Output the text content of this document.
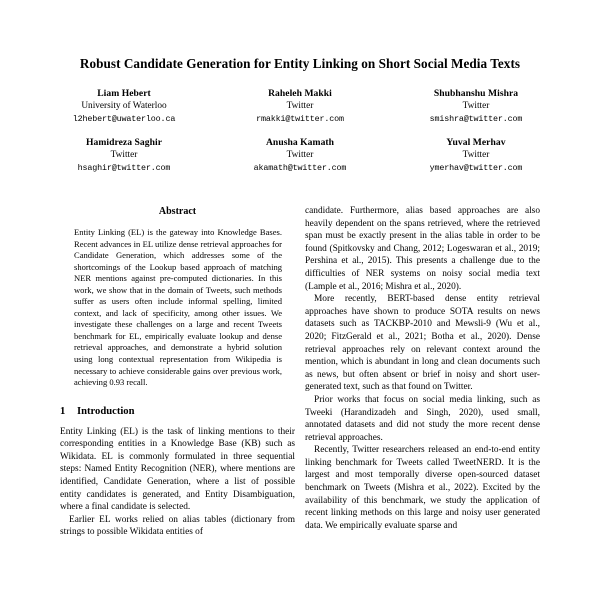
Robust Candidate Generation for Entity Linking on Short Social Media Texts
Liam Hebert
University of Waterloo
l2hebert@uwaterloo.ca
Raheleh Makki
Twitter
rmakki@twitter.com
Shubhanshu Mishra
Twitter
smishra@twitter.com
Hamidreza Saghir
Twitter
hsaghir@twitter.com
Anusha Kamath
Twitter
akamath@twitter.com
Yuval Merhav
Twitter
ymerhav@twitter.com
Abstract

Entity Linking (EL) is the gateway into Knowledge Bases. Recent advances in EL utilize dense retrieval approaches for Candidate Generation, which addresses some of the shortcomings of the Lookup based approach of matching NER mentions against pre-computed dictionaries. In this work, we show that in the domain of Tweets, such methods suffer as users often include informal spelling, limited context, and lack of specificity, among other issues. We investigate these challenges on a large and recent Tweets benchmark for EL, empirically evaluate lookup and dense retrieval approaches, and demonstrate a hybrid solution using long contextual representation from Wikipedia is necessary to achieve considerable gains over previous work, achieving 0.93 recall.

1 Introduction

Entity Linking (EL) is the task of linking mentions to their corresponding entities in a Knowledge Base (KB) such as Wikidata. EL is commonly formulated in three sequential steps: Named Entity Recognition (NER), where mentions are identified, Candidate Generation, where a list of possible entity candidates is generated, and Entity Disambiguation, where a final candidate is selected.

Earlier EL works relied on alias tables (dictionary from strings to possible Wikidata entities of

candidate. Furthermore, alias based approaches are also heavily dependent on the spans retrieved, where the retrieved span must be exactly present in the alias table in order to be found (Spitkovsky and Chang, 2012; Logeswaran et al., 2019; Pershina et al., 2015). This presents a challenge due to the difficulties of NER systems on noisy social media text (Lample et al., 2016; Mishra et al., 2020).

More recently, BERT-based dense entity retrieval approaches have shown to produce SOTA results on news datasets such as TACKBP-2010 and Mewsli-9 (Wu et al., 2020; FitzGerald et al., 2021; Botha et al., 2020). Dense retrieval approaches rely on relevant context around the mention, which is abundant in long and clean documents such as news, but often absent or brief in noisy and short user-generated text, such as that found on Twitter.

Prior works that focus on social media linking, such as Tweeki (Harandizadeh and Singh, 2020), used small, annotated datasets and did not study the more recent dense retrieval approaches.

Recently, Twitter researchers released an end-to-end entity linking benchmark for Tweets called TweetNERD. It is the largest and most temporally diverse open-sourced dataset benchmark on Tweets (Mishra et al., 2022). Excited by the availability of this benchmark, we study the application of recent linking methods on this large and noisy user generated data. We empirically evaluate sparse and
